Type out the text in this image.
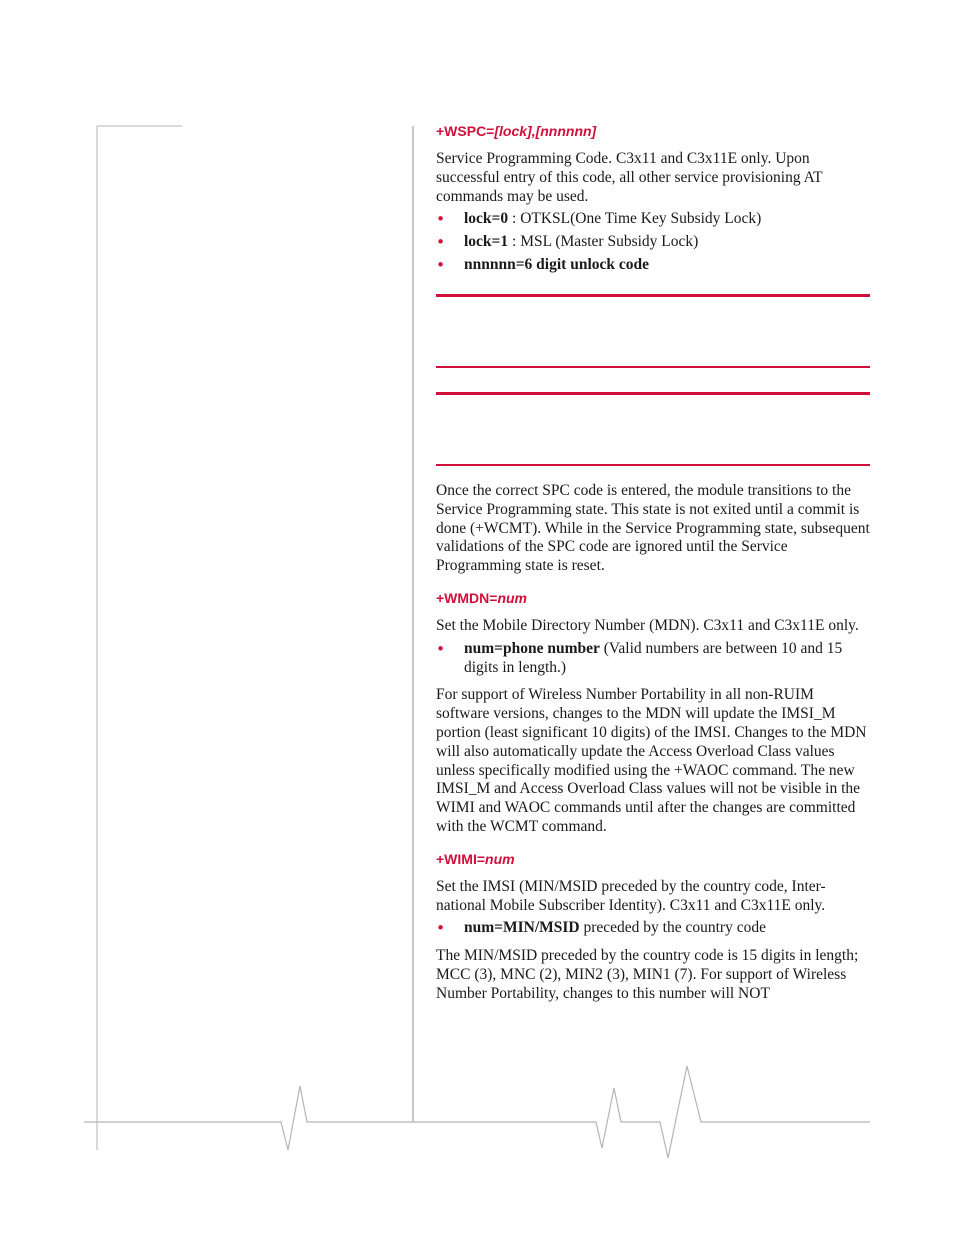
+WSPC=[lock],[nnnnnn]

Service Programming Code. C3x11 and C3x11E only. Upon successful entry of this code, all other service provisioning AT commands may be used.

• lock=0 : OTKSL(One Time Key Subsidy Lock)
• lock=1 : MSL (Master Subsidy Lock)
• nnnnnn=6 digit unlock code

Once the correct SPC code is entered, the module transitions to the Service Programming state. This state is not exited until a commit is done (+WCMT). While in the Service Programming state, subsequent validations of the SPC code are ignored until the Service Programming state is reset.

+WMDN=num

Set the Mobile Directory Number (MDN). C3x11 and C3x11E only.

• num=phone number (Valid numbers are between 10 and 15 digits in length.)

For support of Wireless Number Portability in all non-RUIM software versions, changes to the MDN will update the IMSI_M portion (least significant 10 digits) of the IMSI. Changes to the MDN will also automatically update the Access Overload Class values unless specifically modified using the +WAOC command. The new IMSI_M and Access Overload Class values will not be visible in the WIMI and WAOC commands until after the changes are committed with the WCMT command.

+WIMI=num

Set the IMSI (MIN/MSID preceded by the country code, Inter-national Mobile Subscriber Identity). C3x11 and C3x11E only.

• num=MIN/MSID preceded by the country code

The MIN/MSID preceded by the country code is 15 digits in length; MCC (3), MNC (2), MIN2 (3), MIN1 (7). For support of Wireless Number Portability, changes to this number will NOT
